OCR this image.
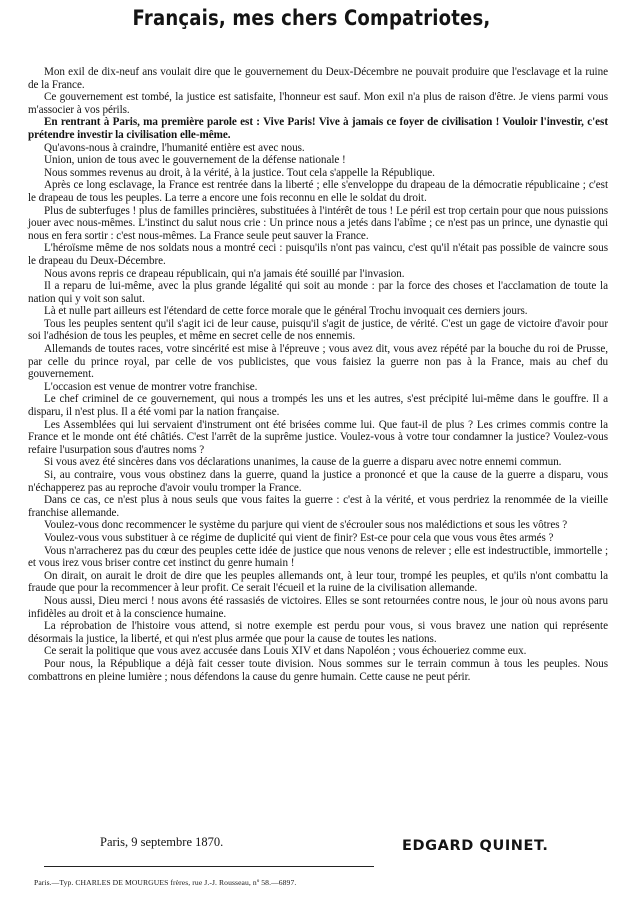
Français, mes chers Compatriotes,

Mon exil de dix-neuf ans voulait dire que le gouvernement du Deux-Décembre ne pouvait produire que l'esclavage et la ruine de la France.

Ce gouvernement est tombé, la justice est satisfaite, l'honneur est sauf. Mon exil n'a plus de raison d'être. Je viens parmi vous m'associer à vos périls.

En rentrant à Paris, ma première parole est : Vive Paris! Vive à jamais ce foyer de civilisation ! Vouloir l'investir, c'est prétendre investir la civilisation elle-même.

Qu'avons-nous à craindre, l'humanité entière est avec nous.

Union, union de tous avec le gouvernement de la défense nationale !

Nous sommes revenus au droit, à la vérité, à la justice. Tout cela s'appelle la République.

Après ce long esclavage, la France est rentrée dans la liberté ; elle s'enveloppe du drapeau de la démocratie républicaine ; c'est le drapeau de tous les peuples. La terre a encore une fois reconnu en elle le soldat du droit.

Plus de subterfuges ! plus de familles princières, substituées à l'intérêt de tous ! Le péril est trop certain pour que nous puissions jouer avec nous-mêmes. L'instinct du salut nous crie : Un prince nous a jetés dans l'abîme ; ce n'est pas un prince, une dynastie qui nous en fera sortir : c'est nous-mêmes. La France seule peut sauver la France.

L'héroïsme même de nos soldats nous a montré ceci : puisqu'ils n'ont pas vaincu, c'est qu'il n'était pas possible de vaincre sous le drapeau du Deux-Décembre.

Nous avons repris ce drapeau républicain, qui n'a jamais été souillé par l'invasion.

Il a reparu de lui-même, avec la plus grande légalité qui soit au monde : par la force des choses et l'acclamation de toute la nation qui y voit son salut.

Là et nulle part ailleurs est l'étendard de cette force morale que le général Trochu invoquait ces derniers jours.

Tous les peuples sentent qu'il s'agit ici de leur cause, puisqu'il s'agit de justice, de vérité. C'est un gage de victoire d'avoir pour soi l'adhésion de tous les peuples, et même en secret celle de nos ennemis.

Allemands de toutes races, votre sincérité est mise à l'épreuve ; vous avez dit, vous avez répété par la bouche du roi de Prusse, par celle du prince royal, par celle de vos publicistes, que vous faisiez la guerre non pas à la France, mais au chef du gouvernement.

L'occasion est venue de montrer votre franchise.

Le chef criminel de ce gouvernement, qui nous a trompés les uns et les autres, s'est précipité lui-même dans le gouffre. Il a disparu, il n'est plus. Il a été vomi par la nation française.

Les Assemblées qui lui servaient d'instrument ont été brisées comme lui. Que faut-il de plus ? Les crimes commis contre la France et le monde ont été châtiés. C'est l'arrêt de la suprême justice. Voulez-vous à votre tour condamner la justice? Voulez-vous refaire l'usurpation sous d'autres noms ?

Si vous avez été sincères dans vos déclarations unanimes, la cause de la guerre a disparu avec notre ennemi commun.

Si, au contraire, vous vous obstinez dans la guerre, quand la justice a prononcé et que la cause de la guerre a disparu, vous n'échapperez pas au reproche d'avoir voulu tromper la France.

Dans ce cas, ce n'est plus à nous seuls que vous faites la guerre : c'est à la vérité, et vous perdriez la renommée de la vieille franchise allemande.

Voulez-vous donc recommencer le système du parjure qui vient de s'écrouler sous nos malédictions et sous les vôtres ?

Voulez-vous vous substituer à ce régime de duplicité qui vient de finir? Est-ce pour cela que vous vous êtes armés ?

Vous n'arracherez pas du cœur des peuples cette idée de justice que nous venons de relever ; elle est indestructible, immortelle ; et vous irez vous briser contre cet instinct du genre humain !

On dirait, on aurait le droit de dire que les peuples allemands ont, à leur tour, trompé les peuples, et qu'ils n'ont combattu la fraude que pour la recommencer à leur profit. Ce serait l'écueil et la ruine de la civilisation allemande.

Nous aussi, Dieu merci ! nous avons été rassasiés de victoires. Elles se sont retournées contre nous, le jour où nous avons paru infidèles au droit et à la conscience humaine.

La réprobation de l'histoire vous attend, si notre exemple est perdu pour vous, si vous bravez une nation qui représente désormais la justice, la liberté, et qui n'est plus armée que pour la cause de toutes les nations.

Ce serait la politique que vous avez accusée dans Louis XIV et dans Napoléon ; vous échoueriez comme eux.

Pour nous, la République a déjà fait cesser toute division. Nous sommes sur le terrain commun à tous les peuples. Nous combattrons en pleine lumière ; nous défendons la cause du genre humain. Cette cause ne peut périr.

Paris, 9 septembre 1870.	EDGARD QUINET.
Paris.—Typ. CHARLES DE MOURGUES frères, rue J.-J. Rousseau, nº 58.—6897.
